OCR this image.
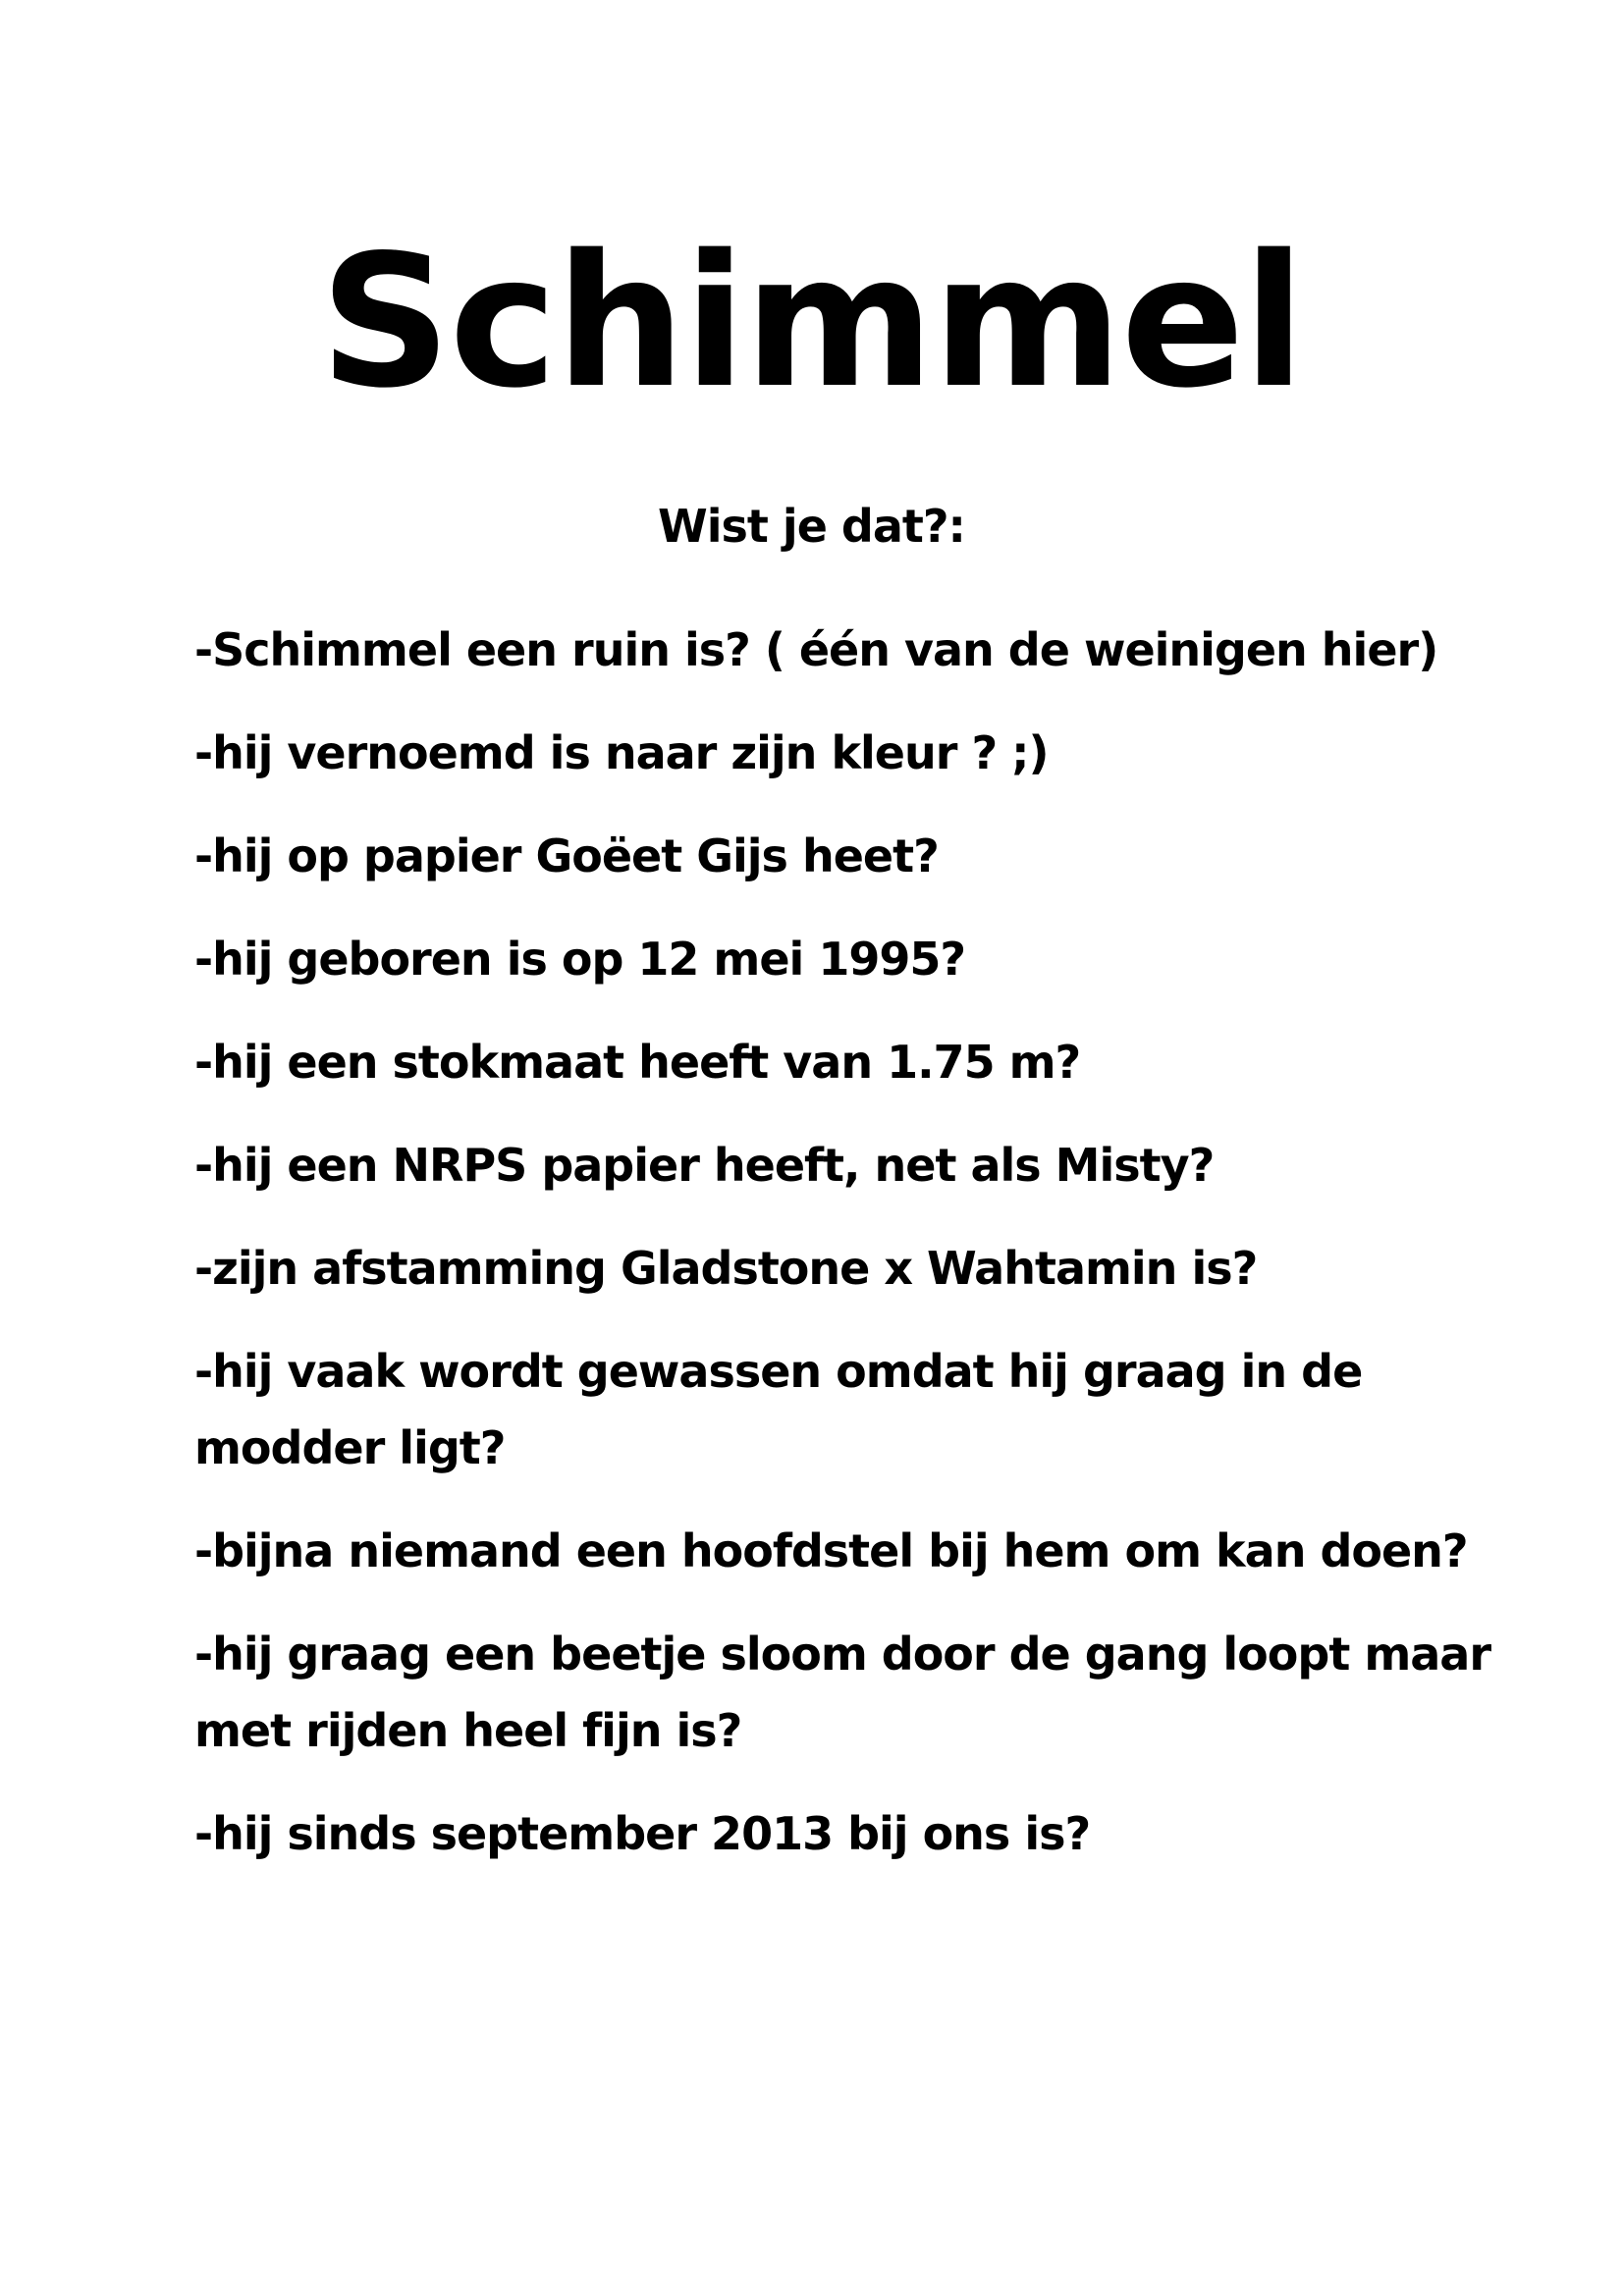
Schimmel
Wist je dat?:
-Schimmel een ruin is? ( één van de weinigen hier)
-hij vernoemd is naar zijn kleur ? ;)
-hij op papier Goëet Gijs heet?
-hij geboren is op 12 mei 1995?
-hij een stokmaat heeft van 1.75 m?
-hij een NRPS papier heeft, net als Misty?
-zijn afstamming Gladstone x Wahtamin is?
-hij vaak wordt gewassen omdat hij graag in de
modder ligt?
-bijna niemand een hoofdstel bij hem om kan doen?
-hij graag een beetje sloom door de gang loopt maar
met rijden heel fijn is?
-hij sinds september 2013 bij ons is?
